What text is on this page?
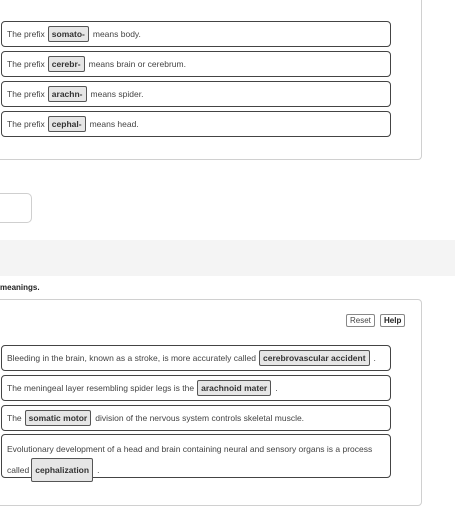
The prefix somato- means body.
The prefix cerebr- means brain or cerebrum.
The prefix arachn- means spider.
The prefix cephal- means head.
meanings.
Reset	Help
Bleeding in the brain, known as a stroke, is more accurately called cerebrovascular accident .
The meningeal layer resembling spider legs is the arachnoid mater .
The somatic motor division of the nervous system controls skeletal muscle.
Evolutionary development of a head and brain containing neural and sensory organs is a process
called cephalization .
